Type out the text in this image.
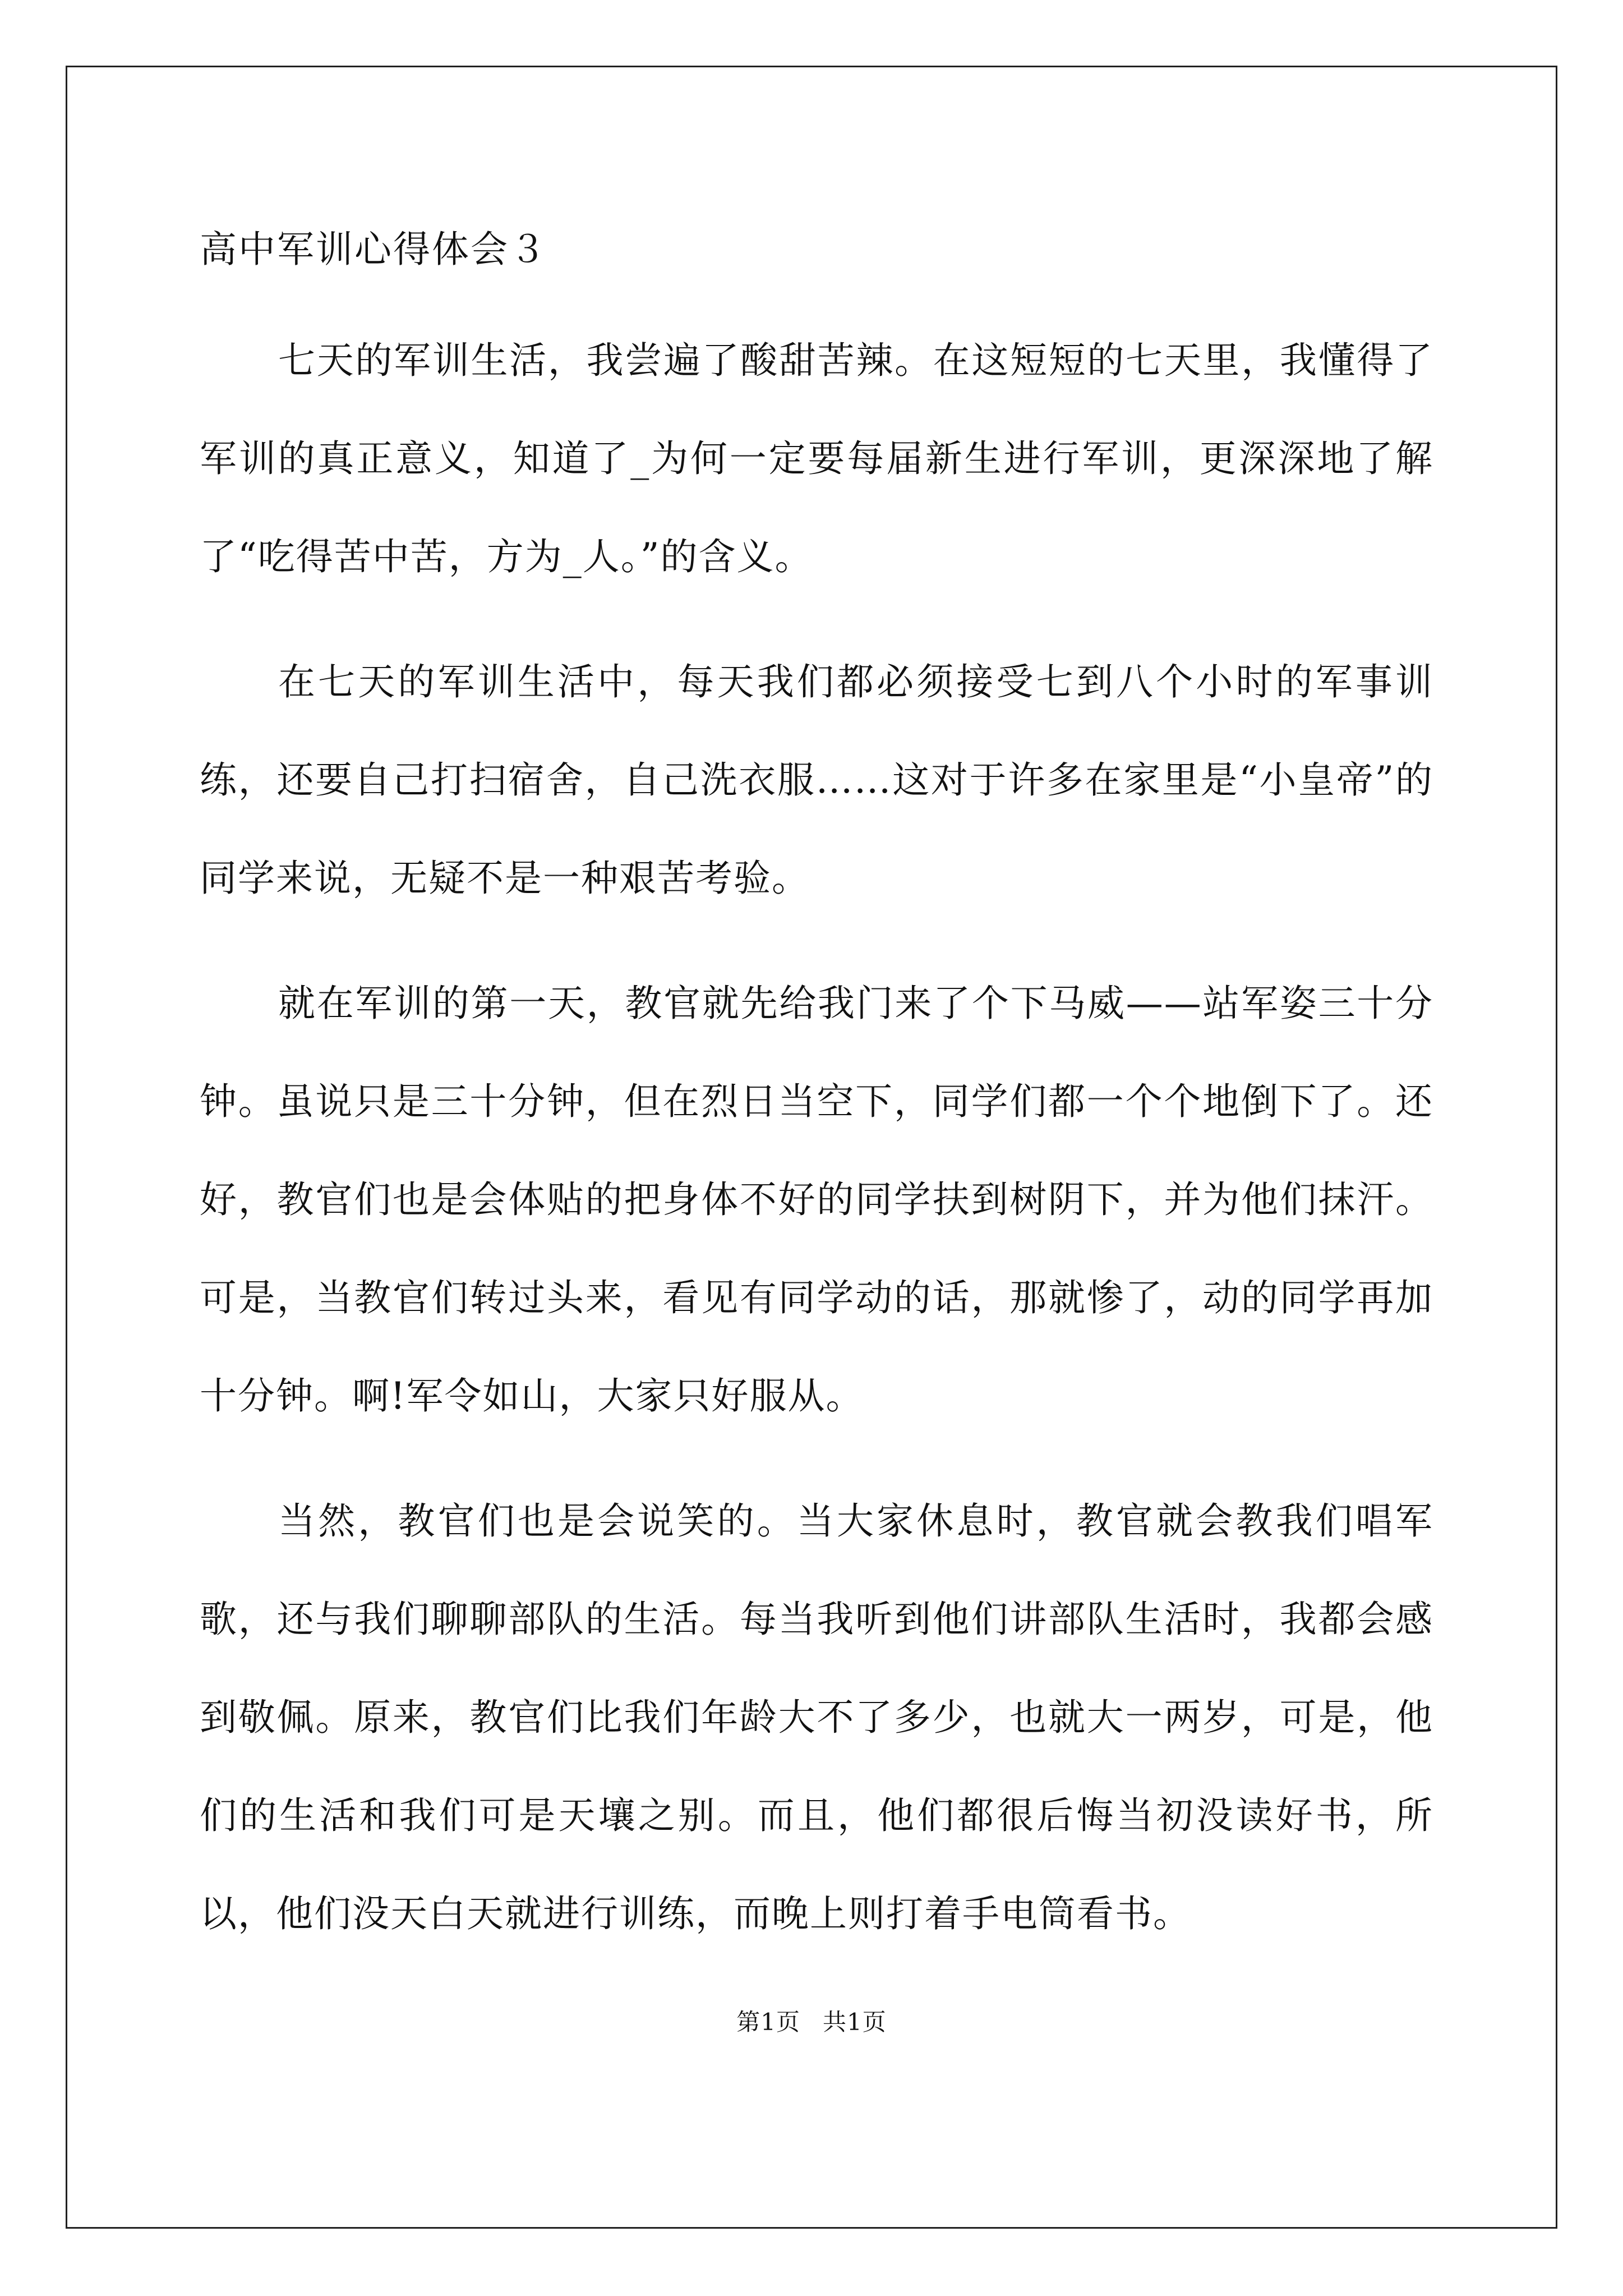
高中军训心得体会３

七天的军训生活，我尝遍了酸甜苦辣。在这短短的七天里，我懂得了军训的真正意义，知道了_为何一定要每届新生进行军训，更深深地了解了“吃得苦中苦，方为_人。”的含义。

在七天的军训生活中，每天我们都必须接受七到八个小时的军事训练，还要自己打扫宿舍，自己洗衣服……这对于许多在家里是“小皇帝”的同学来说，无疑不是一种艰苦考验。

就在军训的第一天，教官就先给我门来了个下马威——站军姿三十分钟。虽说只是三十分钟，但在烈日当空下，同学们都一个个地倒下了。还好，教官们也是会体贴的把身体不好的同学扶到树阴下，并为他们抹汗。可是，当教官们转过头来，看见有同学动的话，那就惨了，动的同学再加十分钟。啊!军令如山，大家只好服从。

当然，教官们也是会说笑的。当大家休息时，教官就会教我们唱军歌，还与我们聊聊部队的生活。每当我听到他们讲部队生活时，我都会感到敬佩。原来，教官们比我们年龄大不了多少，也就大一两岁，可是，他们的生活和我们可是天壤之别。而且，他们都很后悔当初没读好书，所以，他们没天白天就进行训练，而晚上则打着手电筒看书。

第1页 共1页
